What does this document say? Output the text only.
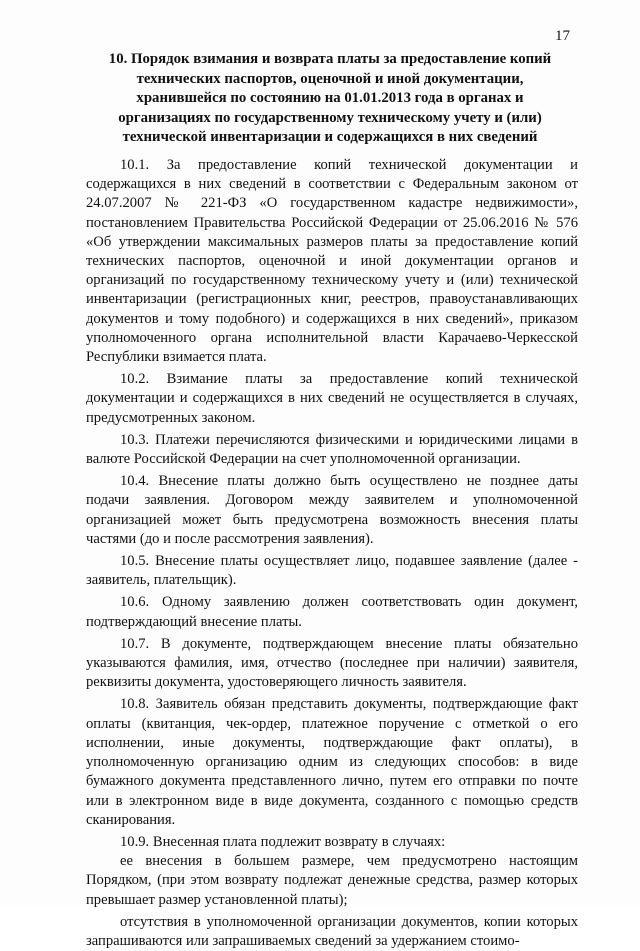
17
10. Порядок взимания и возврата платы за предоставление копий технических паспортов, оценочной и иной документации, хранившейся по состоянию на 01.01.2013 года в органах и организациях по государственному техническому учету и (или) технической инвентаризации и содержащихся в них сведений

10.1. За предоставление копий технической документации и содержащихся в них сведений в соответствии с Федеральным законом от 24.07.2007 № 221-ФЗ «О государственном кадастре недвижимости», постановлением Правительства Российской Федерации от 25.06.2016 № 576 «Об утверждении максимальных размеров платы за предоставление копий технических паспортов, оценочной и иной документации органов и организаций по государственному техническому учету и (или) технической инвентаризации (регистрационных книг, реестров, правоустанавливающих документов и тому подобного) и содержащихся в них сведений», приказом уполномоченного органа исполнительной власти Карачаево-Черкесской Республики взимается плата.

10.2. Взимание платы за предоставление копий технической документации и содержащихся в них сведений не осуществляется в случаях, предусмотренных законом.

10.3. Платежи перечисляются физическими и юридическими лицами в валюте Российской Федерации на счет уполномоченной организации.

10.4. Внесение платы должно быть осуществлено не позднее даты подачи заявления. Договором между заявителем и уполномоченной организацией может быть предусмотрена возможность внесения платы частями (до и после рассмотрения заявления).

10.5. Внесение платы осуществляет лицо, подавшее заявление (далее - заявитель, плательщик).

10.6. Одному заявлению должен соответствовать один документ, подтверждающий внесение платы.

10.7. В документе, подтверждающем внесение платы обязательно указываются фамилия, имя, отчество (последнее при наличии) заявителя, реквизиты документа, удостоверяющего личность заявителя.

10.8. Заявитель обязан представить документы, подтверждающие факт оплаты (квитанция, чек-ордер, платежное поручение с отметкой о его исполнении, иные документы, подтверждающие факт оплаты), в уполномоченную организацию одним из следующих способов: в виде бумажного документа представленного лично, путем его отправки по почте или в электронном виде в виде документа, созданного с помощью средств сканирования.

10.9. Внесенная плата подлежит возврату в случаях:

ее внесения в большем размере, чем предусмотрено настоящим Порядком, (при этом возврату подлежат денежные средства, размер которых превышает размер установленной платы);

отсутствия в уполномоченной организации документов, копии которых запрашиваются или запрашиваемых сведений за удержанием стоимо-
